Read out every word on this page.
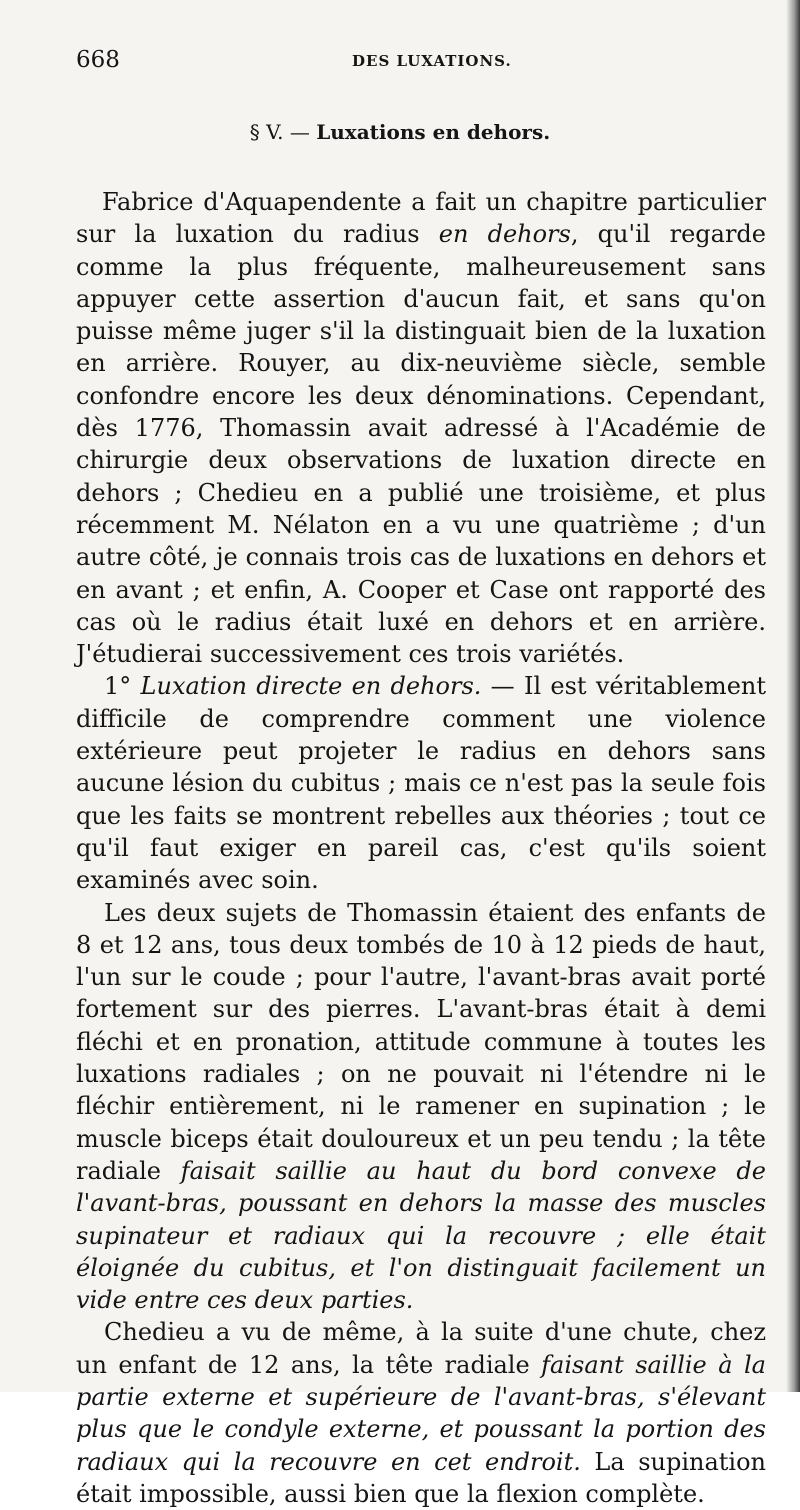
668	DES LUXATIONS.
§ V. — Luxations en dehors.

Fabrice d'Aquapendente a fait un chapitre particulier sur la luxation du radius en dehors, qu'il regarde comme la plus fréquente, malheureusement sans appuyer cette assertion d'aucun fait, et sans qu'on puisse même juger s'il la distinguait bien de la luxation en arrière. Rouyer, au dix-neuvième siècle, semble confondre encore les deux dénominations. Cependant, dès 1776, Thomassin avait adressé à l'Académie de chirurgie deux observations de luxation directe en dehors ; Chedieu en a publié une troisième, et plus récemment M. Nélaton en a vu une quatrième ; d'un autre côté, je connais trois cas de luxations en dehors et en avant ; et enfin, A. Cooper et Case ont rapporté des cas où le radius était luxé en dehors et en arrière. J'étudierai successivement ces trois variétés.

1° Luxation directe en dehors. — Il est véritablement difficile de comprendre comment une violence extérieure peut projeter le radius en dehors sans aucune lésion du cubitus ; mais ce n'est pas la seule fois que les faits se montrent rebelles aux théories ; tout ce qu'il faut exiger en pareil cas, c'est qu'ils soient examinés avec soin.

Les deux sujets de Thomassin étaient des enfants de 8 et 12 ans, tous deux tombés de 10 à 12 pieds de haut, l'un sur le coude ; pour l'autre, l'avant-bras avait porté fortement sur des pierres. L'avant-bras était à demi fléchi et en pronation, attitude commune à toutes les luxations radiales ; on ne pouvait ni l'étendre ni le fléchir entièrement, ni le ramener en supination ; le muscle biceps était douloureux et un peu tendu ; la tête radiale faisait saillie au haut du bord convexe de l'avant-bras, poussant en dehors la masse des muscles supinateur et radiaux qui la recouvre ; elle était éloignée du cubitus, et l'on distinguait facilement un vide entre ces deux parties.

Chedieu a vu de même, à la suite d'une chute, chez un enfant de 12 ans, la tête radiale faisant saillie à la partie externe et supérieure de l'avant-bras, s'élevant plus que le condyle externe, et poussant la portion des radiaux qui la recouvre en cet endroit. La supination était impossible, aussi bien que la flexion complète.
